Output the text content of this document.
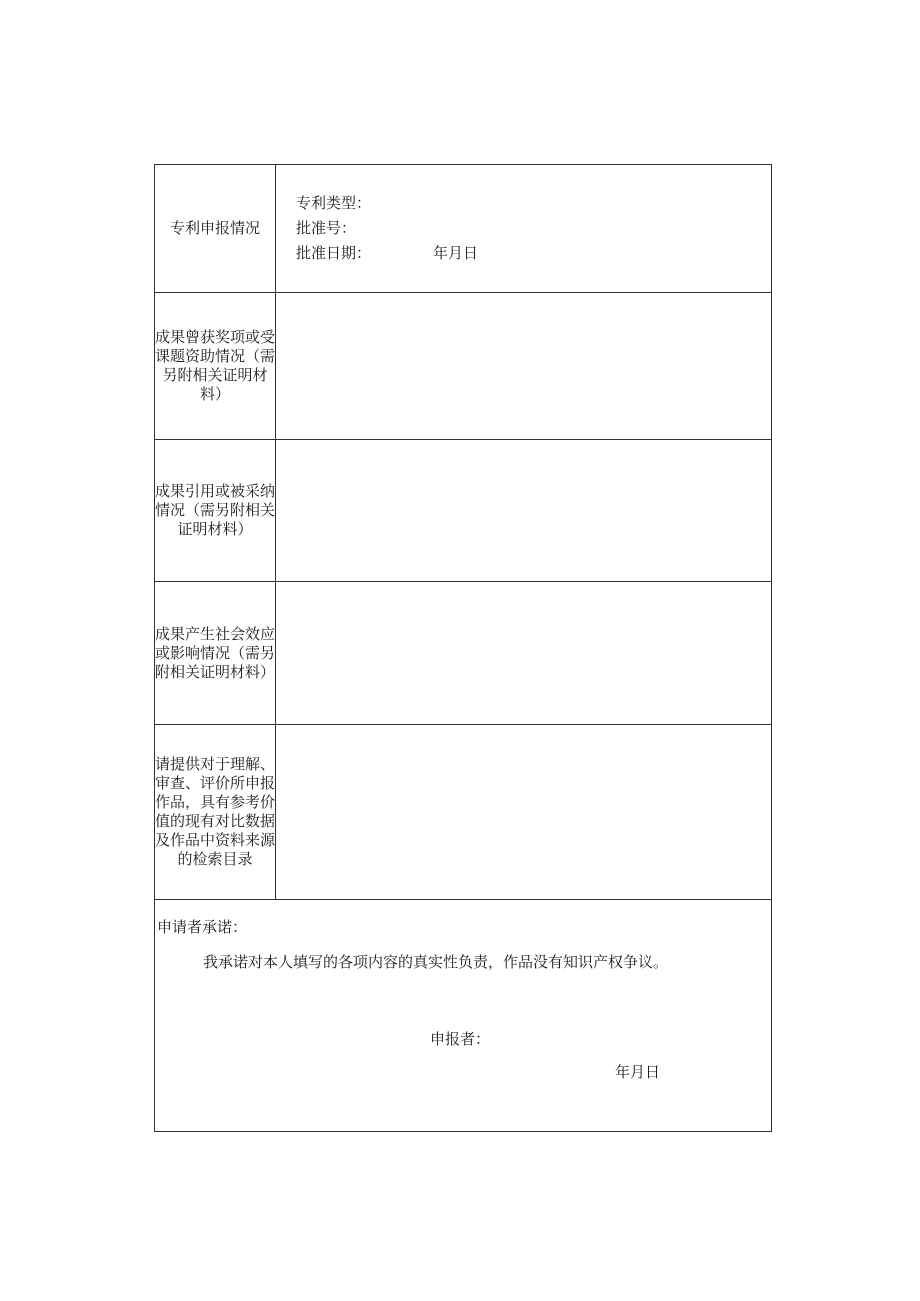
专利申报情况	专利类型：
批准号：
批准日期： 年月日

成果曾获奖项或受课题资助情况（需另附相关证明材料）	

成果引用或被采纳情况（需另附相关证明材料）	

成果产生社会效应或影响情况（需另附相关证明材料）	

请提供对于理解、审查、评价所申报作品，具有参考价值的现有对比数据及作品中资料来源的检索目录	

申请者承诺：
我承诺对本人填写的各项内容的真实性负责，作品没有知识产权争议。
申报者：
年月日	
